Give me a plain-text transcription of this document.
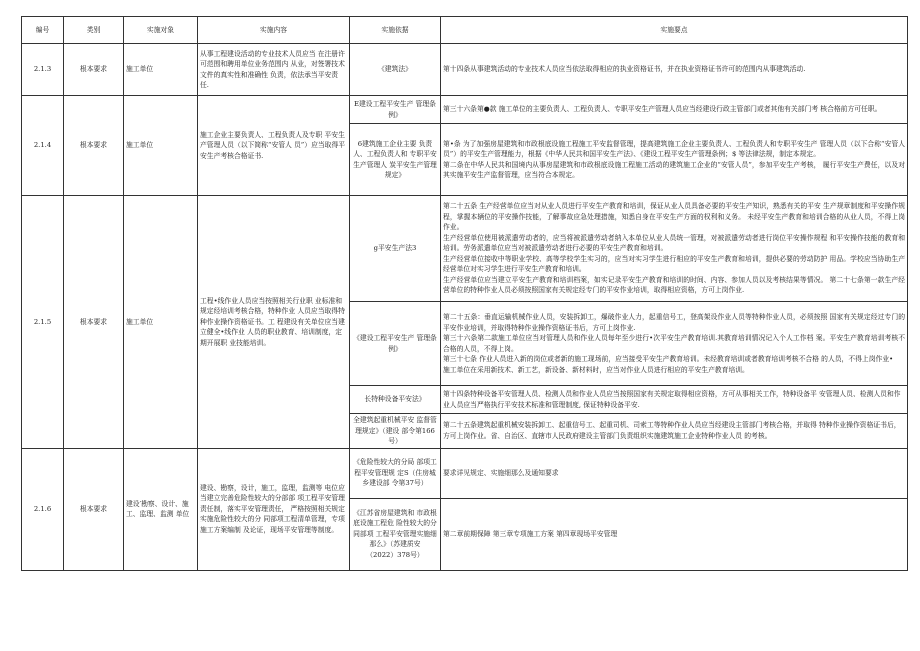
编号	类别	实施对象	实施内容	实施依据	实施要点
2.1.3	根本要求	施工单位	从事工程建设活动的专业技术人员应当 在注册许可范围和聘用单位业务范围内 从业，对签署技术文件的真实性和准确性 负责，依法承当平安责任.	《建筑法》	第十四条从事建筑活动的专业技术人员应当依法取得相应的执业资格证书，并在执业资格证书许可的范围内从事建筑活动.
2.1.4	根本要求	施工单位	施工企业主要负责人、工程负责人及专职 平安生产管理人员（以下简称“安管人 员”）应当取得平安生产考核合格证书.	E建设工程平安生产 管理条例》	第三十六条第●款 施工单位的主要负责人、工程负责人、专职平安生产管理人员应当经建设行政主管部门或者其他有关部门考 核合格前方可任职。
				6建筑施工企业主要 负责人、工程负责人和 专职平安生产管理人 炭平安生产管理规定》	第•条 为了加强房屋建筑和市政根底设施工程施工平安监督管理，提高建筑施工企业主要负责人、工程负责人和专职平安生产 管理人员（以下合称“安管人员”）的平安生产管理能力，根据《中华人民共和国平安生产法》、《建设工程平安生产管理条例；$ 等法律法规，制定本规定。
第二条在中华人民共和国境内从事房屋建筑和市政根底设施工程施工活动的建筑施工企业的“安管人员”，参加平安生产考核， 履行平安生产费任，以及对其实施平安生产监督管理，应当符合本规定。

2.1.5	根本要求	施工单位	工程•线作业人员应当按照相关行业职 业标准和规定经培训考核合格，特种作业 人员应当取得特种作业操作资格证书。工 程建设有关单位应当建立健全•线作业 人员的职业教育、培训制度，定期开展职 业技能培训。	g平安生产法3	第二十五条 生产经营单位应当对从业人员进行平安生产教育和培训，保证从业人员具备必要的平安生产知识，熟悉有关的平安 生产规章制度和平安操作规程，掌握本辆位的平安操作技能，了解事故应急处理措施，知悉自身在平安生产方面的权利和义务。 未经平安生产教育和培训合格的从业人员，不得上岗作业。
生产经营单位使用被派遣劳动者的，应当将被派遣劳动者纳入本单位从业人员统一管理，对被派遣劳动者进行岗位平安操作规程 和平安操作技能的教育和培训。劳务派遣单位应当对被派遣劳动者进行必要的平安生产教育和培训。
生产经营单位接收中等职业学校、高等学校学生实习的，应当对实习学生进行相应的平安生产教育和培训，提供必要的劳动防护 用品。学校应当协助生产经营单位对实习学生进行平安生产教育和培训。
生产经营单位应当建立平安生产教育和培训档案，如实记录平安生产教育和培训的时间、内容、参加人员以及考核结果等情况。 第二十七条第一款生产经营单位的特种作业人员必须按照国家有关规定经专门的平安作业培训，取得相应资格，方可上岗作业.

				《建设工程平安生产 管理条例》	第二十五条：垂直运输机械作业人员，安装拆卸工，爆破作业人力，起重信号工，登高架设作业人员等特种作业人员，必须按照 国家有关规定经过专门的平安作业培训，并取得特种作业操作资格证书后，方可上岗作业.
第三十六条第二款施工单位应当对管理人员和作业人员每年至少进行•次平安生产教育培训.其教育培训情况记入个人工作档 案。平安生产教育培训考核不合格的人员，不得上岗。
第三十七条 作业人员进入新的岗位或者新的施工现场前，应当接受平安生产教育培训。未经教育培训或者教育培训考核不合格 的人员，不得上岗作业•
施工单位在采用新技术、新工艺，新设备、新材料时，应当对作业人员进行相应的平安生产教育培训。

				长特种设备平安法》	第十四条特种设备平安管理人员、检测人员和作业人员应当按照国家有关规定取得相应资格，方可从事相关工作，特种设备平 安管理人员、检测人员和作业人员应当严格执行平安技术标准和管理制度, 保证特种设备平安.
				全建筑起重机械平安 监督管理规定》（建设 部令第166号）	第二十五条建筑起重机械安装拆卸工、起重信号工、起重司机、司索工等特种作业人员应当经建设主管部门考核合格，并取得 特种作业操作资格证书后，方可上岗作业。省、自治区、直辖市人民政府建设主管部门负责组织实施建筑施工企业特种作业人员 的考核。
2.1.6	根本要求	建设′勘察、设计、施工、监理、监测 单位	建设、勘察，设计，施工，监理，监测等 电位应当建立完善危险性较大的分部部 项工程平安管理责任制，落实平安管理责任， 严格按照相关规定实施危险性较大的分 同部项工程清单管理，专项施工方案编制 及论证，现场平安管理等制度。	《危险性较大的分局 部项工程平安管理规 定S（住房城乡建设部 令第37号）	要求详见规定、实施细那么及通知要求

				《江苏省房屋建筑和 市政根底设施工程危 险性较大的分同部项 工程平安管理实施细 那么》（苏建质安
（2022）378号）	第二章前期保障 第三章专项施工方案 第四章现场平安管理
